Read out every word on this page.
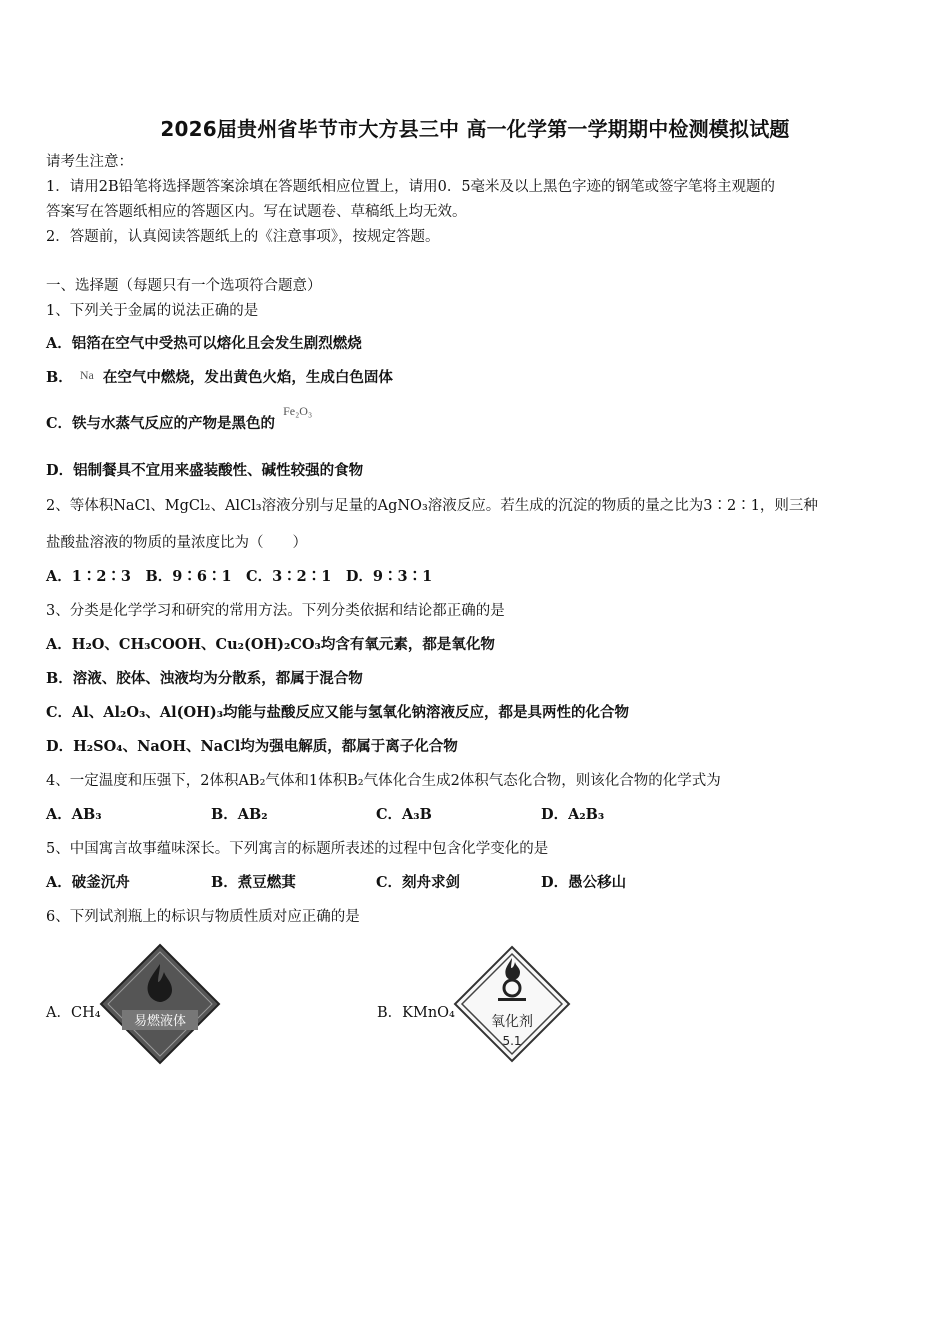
2026届贵州省毕节市大方县三中 高一化学第一学期期中检测模拟试题
请考生注意：
1．请用2B铅笔将选择题答案涂填在答题纸相应位置上，请用0．5毫米及以上黑色字迹的钢笔或签字笔将主观题的
答案写在答题纸相应的答题区内。写在试题卷、草稿纸上均无效。
2．答题前，认真阅读答题纸上的《注意事项》，按规定答题。
一、选择题（每题只有一个选项符合题意）
1、下列关于金属的说法正确的是
A．铝箔在空气中受热可以熔化且会发生剧烈燃烧
B． $^{Na}$ 在空气中燃烧，发出黄色火焰，生成白色固体
C．铁与水蒸气反应的产物是黑色的 $^{Fe_2O_3}$
D．铝制餐具不宜用来盛装酸性、碱性较强的食物
2、等体积NaCl、MgCl₂、AlCl₃溶液分别与足量的AgNO₃溶液反应。若生成的沉淀的物质的量之比为3∶2∶1，则三种
盐酸盐溶液的物质的量浓度比为（　　）
A．1∶2∶3　B．9∶6∶1　C．3∶2∶1　D．9∶3∶1
3、分类是化学学习和研究的常用方法。下列分类依据和结论都正确的是
A．H₂O、CH₃COOH、Cu₂(OH)₂CO₃均含有氧元素，都是氧化物
B．溶液、胶体、浊液均为分散系，都属于混合物
C．Al、Al₂O₃、Al(OH)₃均能与盐酸反应又能与氢氧化钠溶液反应，都是具两性的化合物
D．H₂SO₄、NaOH、NaCl均为强电解质，都属于离子化合物
4、一定温度和压强下，2体积AB₂气体和1体积B₂气体化合生成2体积气态化合物，则该化合物的化学式为
A．AB₃	B．AB₂	C．A₃B	D．A₂B₃
5、中国寓言故事蕴味深长。下列寓言的标题所表述的过程中包含化学变化的是
A．破釜沉舟	B．煮豆燃萁	C．刻舟求剑	D．愚公移山
6、下列试剂瓶上的标识与物质性质对应正确的是
A．CH₄
易燃液体
B．KMnO₄
氧化剂
5.1
